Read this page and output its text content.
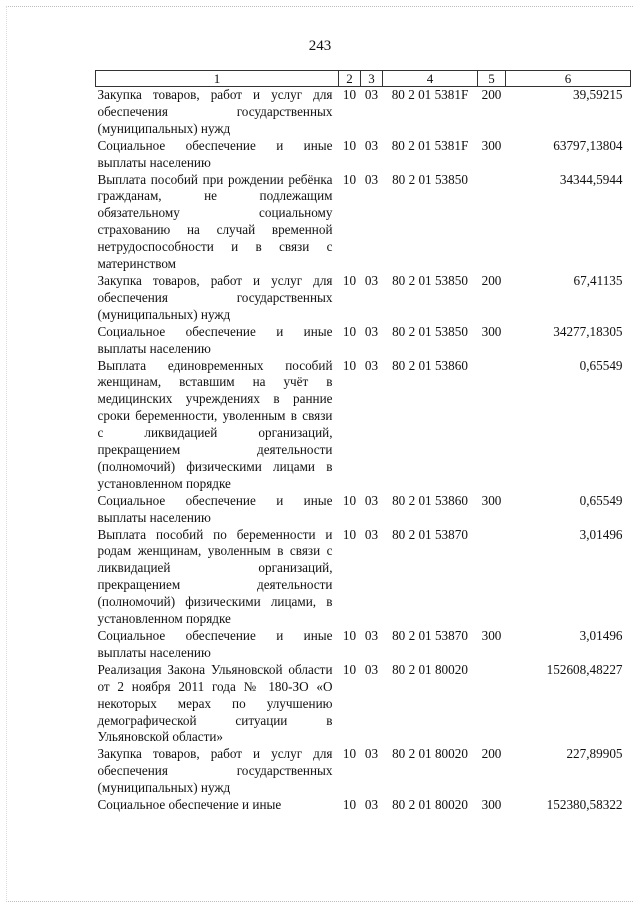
243
1	2	3	4	5	6
Закупка товаров, работ и услуг для обеспечения государственных (муниципальных) нужд	10	03	80 2 01 5381F	200	39,59215
Социальное обеспечение и иные выплаты населению	10	03	80 2 01 5381F	300	63797,13804
Выплата пособий при рождении ребёнка гражданам, не подлежащим обязательному социальному страхованию на случай временной нетрудоспособности и в связи с материнством	10	03	80 2 01 53850		34344,5944
Закупка товаров, работ и услуг для обеспечения государственных (муниципальных) нужд	10	03	80 2 01 53850	200	67,41135
Социальное обеспечение и иные выплаты населению	10	03	80 2 01 53850	300	34277,18305
Выплата единовременных пособий женщинам, вставшим на учёт в медицинских учреждениях в ранние сроки беременности, уволенным в связи с ликвидацией организаций, прекращением деятельности (полномочий) физическими лицами в установленном порядке	10	03	80 2 01 53860		0,65549
Социальное обеспечение и иные выплаты населению	10	03	80 2 01 53860	300	0,65549
Выплата пособий по беременности и родам женщинам, уволенным в связи с ликвидацией организаций, прекращением деятельности (полномочий) физическими лицами, в установленном порядке	10	03	80 2 01 53870		3,01496
Социальное обеспечение и иные выплаты населению	10	03	80 2 01 53870	300	3,01496
Реализация Закона Ульяновской области от 2 ноября 2011 года № 180-ЗО «О некоторых мерах по улучшению демографической ситуации в Ульяновской области»	10	03	80 2 01 80020		152608,48227
Закупка товаров, работ и услуг для обеспечения государственных (муниципальных) нужд	10	03	80 2 01 80020	200	227,89905
Социальное обеспечение и иные	10	03	80 2 01 80020	300	152380,58322
